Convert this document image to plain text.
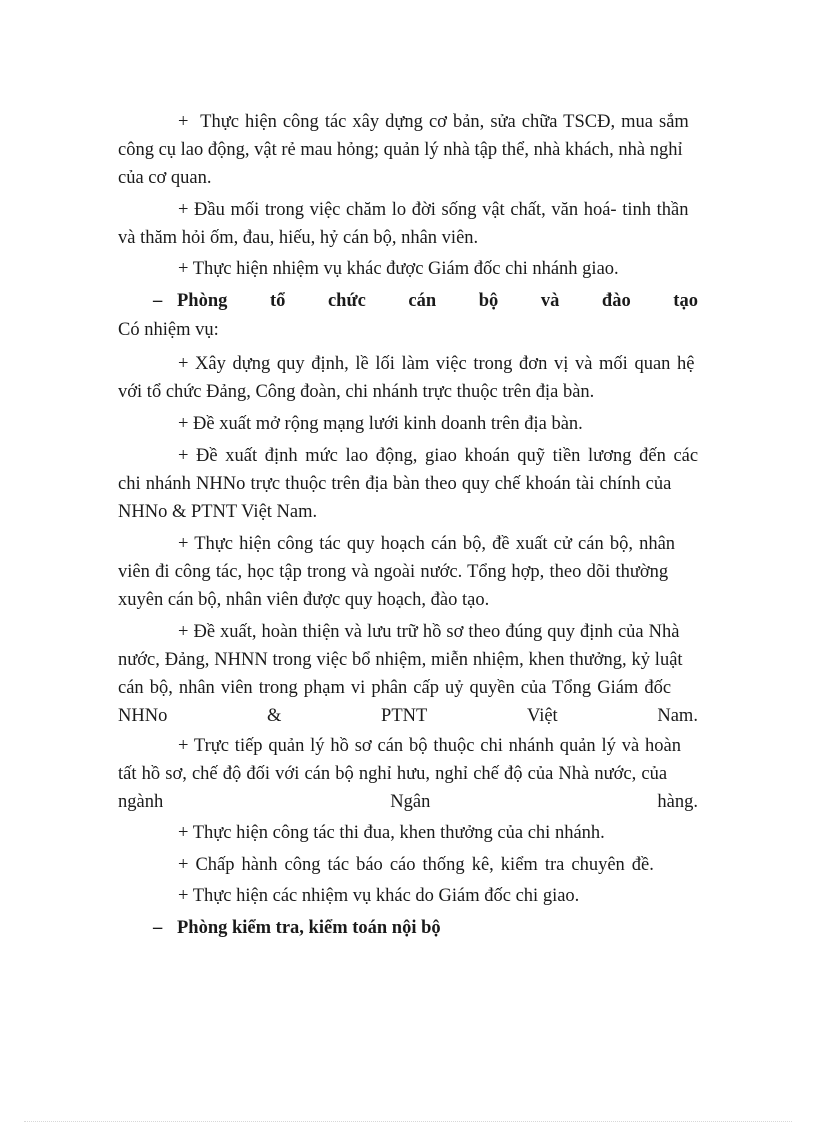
+  Thực hiện công tác xây dựng cơ bản, sửa chữa TSCĐ, mua sắm
công cụ lao động, vật rẻ mau hỏng; quản lý nhà tập thể, nhà khách, nhà nghỉ
của cơ quan.
+ Đầu mối trong việc chăm lo đời sống vật chất, văn hoá- tinh thần
và thăm hỏi ốm, đau, hiếu, hỷ cán bộ, nhân viên.
+ Thực hiện nhiệm vụ khác được Giám đốc chi nhánh giao.
– Phòng tổ chức cán bộ và đào tạo
Có nhiệm vụ:
+ Xây dựng quy định, lề lối làm việc trong đơn vị và mối quan hệ
với tổ chức Đảng, Công đoàn, chi nhánh trực thuộc trên địa bàn.
+ Đề xuất mở rộng mạng lưới kinh doanh trên địa bàn.
+ Đề xuất định mức lao động, giao khoán quỹ tiền lương đến các
chi nhánh NHNo trực thuộc trên địa bàn theo quy chế khoán tài chính của
NHNo & PTNT Việt Nam.
+ Thực hiện công tác quy hoạch cán bộ, đề xuất cử cán bộ, nhân
viên đi công tác, học tập trong và ngoài nước. Tổng hợp, theo dõi thường
xuyên cán bộ, nhân viên được quy hoạch, đào tạo.
+ Đề xuất, hoàn thiện và lưu trữ hồ sơ theo đúng quy định của Nhà
nước, Đảng, NHNN trong việc bổ nhiệm, miễn nhiệm, khen thưởng, kỷ luật
cán bộ, nhân viên trong phạm vi phân cấp uỷ quyền của Tổng Giám đốc
NHNo	&	PTNT	Việt	Nam.
+ Trực tiếp quản lý hồ sơ cán bộ thuộc chi nhánh quản lý và hoàn
tất hồ sơ, chế độ đối với cán bộ nghỉ hưu, nghỉ chế độ của Nhà nước, của
ngành	Ngân	hàng.
+ Thực hiện công tác thi đua, khen thưởng của chi nhánh.
+ Chấp hành công tác báo cáo thống kê, kiểm tra chuyên đề.
+ Thực hiện các nhiệm vụ khác do Giám đốc chi giao.
– Phòng kiểm tra, kiểm toán nội bộ
